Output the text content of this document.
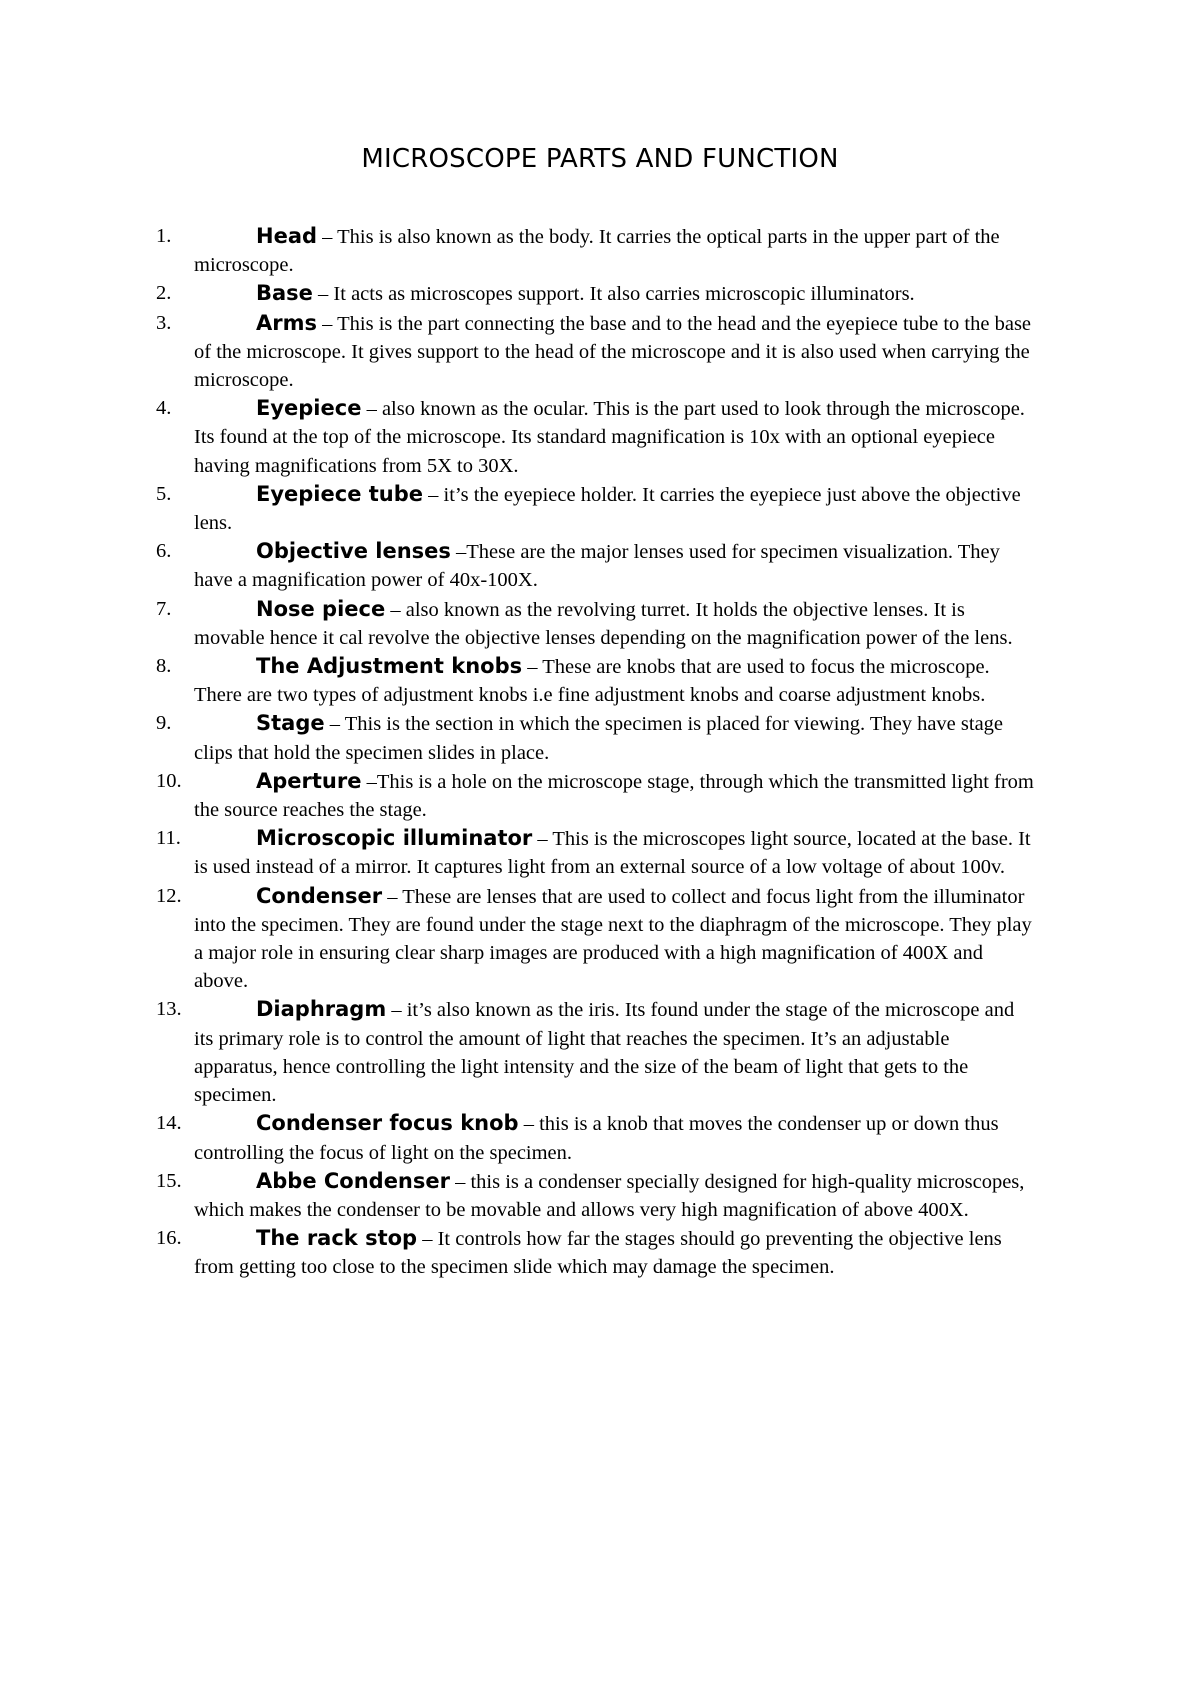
MICROSCOPE PARTS AND FUNCTION
1.	Head – This is also known as the body. It carries the optical parts in the upper part of the microscope.
2.	Base – It acts as microscopes support. It also carries microscopic illuminators.
3.	Arms – This is the part connecting the base and to the head and the eyepiece tube to the base of the microscope. It gives support to the head of the microscope and it is also used when carrying the microscope.
4.	Eyepiece – also known as the ocular. This is the part used to look through the microscope. Its found at the top of the microscope. Its standard magnification is 10x with an optional eyepiece having magnifications from 5X to 30X.
5.	Eyepiece tube – it’s the eyepiece holder. It carries the eyepiece just above the objective lens.
6.	Objective lenses –These are the major lenses used for specimen visualization. They have a magnification power of 40x-100X.
7.	Nose piece – also known as the revolving turret. It holds the objective lenses. It is movable hence it cal revolve the objective lenses depending on the magnification power of the lens.
8.	The Adjustment knobs – These are knobs that are used to focus the microscope. There are two types of adjustment knobs i.e fine adjustment knobs and coarse adjustment knobs.
9.	Stage – This is the section in which the specimen is placed for viewing. They have stage clips that hold the specimen slides in place.
10.	Aperture –This is a hole on the microscope stage, through which the transmitted light from the source reaches the stage.
11.	Microscopic illuminator – This is the microscopes light source, located at the base. It is used instead of a mirror. It captures light from an external source of a low voltage of about 100v.
12.	Condenser – These are lenses that are used to collect and focus light from the illuminator into the specimen. They are found under the stage next to the diaphragm of the microscope. They play a major role in ensuring clear sharp images are produced with a high magnification of 400X and above.
13.	Diaphragm – it’s also known as the iris. Its found under the stage of the microscope and its primary role is to control the amount of light that reaches the specimen. It’s an adjustable apparatus, hence controlling the light intensity and the size of the beam of light that gets to the specimen.
14.	Condenser focus knob – this is a knob that moves the condenser up or down thus controlling the focus of light on the specimen.
15.	Abbe Condenser – this is a condenser specially designed for high-quality microscopes, which makes the condenser to be movable and allows very high magnification of above 400X.
16.	The rack stop – It controls how far the stages should go preventing the objective lens from getting too close to the specimen slide which may damage the specimen.
